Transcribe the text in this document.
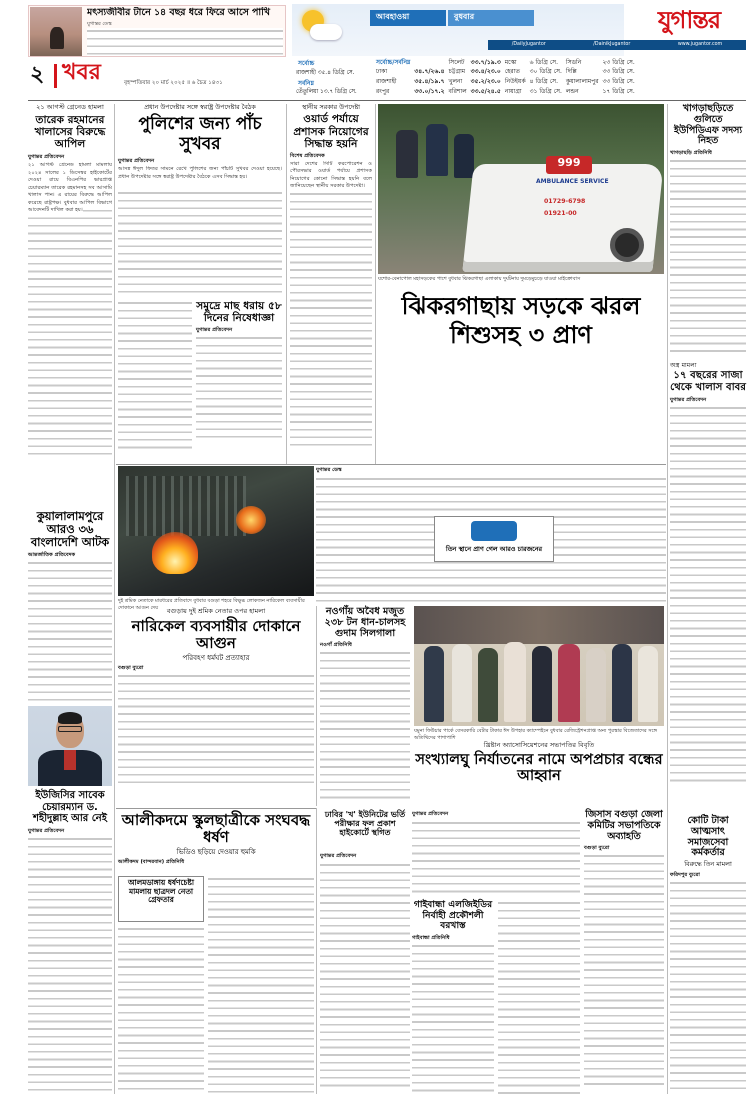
মৎস্যজীবীর টানে ১৪ বছর ধরে ফিরে আসে পাখি
যুগান্তর ডেস্ক
আবহাওয়া	বুধবার	যুগান্তর
/DailyJugantor	/DainikJugantor	www.jugantor.com
২ খবর	বৃহস্পতিবার ২০ মার্চ ২০২৫ ॥ ৬ চৈত্র ১৪৩১
সর্বোচ্চ
রাজশাহী ৩৫.৪ ডিগ্রি সে.
সর্বনিম্ন
তেঁতুলিয়া ১৩.৭ ডিগ্রি সে.
সর্বোচ্চ/সর্বনিম্ন		সিলেট	৩৩.৭/১৯.৩	মস্কো	৬ ডিগ্রি সে.	সিডনি	২৩ ডিগ্রি সে.
ঢাকা	৩৪.৭/২৬.৪	চট্টগ্রাম	৩৩.৪/২৩.০	হেরাত	৩০ ডিগ্রি সে.	দিল্লি	৩৩ ডিগ্রি সে.
রাজশাহী	৩৫.৪/১৯.৭	খুলনা	৩৫.২/২৩.০	নিউইয়র্ক	৪ ডিগ্রি সে.	কুয়ালালামপুর	৩৩ ডিগ্রি সে.
রংপুর	৩৩.০/১৭.২	বরিশাল	৩৩.৫/২৪.৫	নায়াগ্রা	৩১ ডিগ্রি সে.	লন্ডন	১৭ ডিগ্রি সে.
২১ আগস্ট গ্রেনেড হামলা
তারেক রহমানের খালাসের বিরুদ্ধে আপিল
যুগান্তর প্রতিবেদন
২১ আগস্ট গ্রেনেড হামলা মামলায় ২০২৪ সালের ১ ডিসেম্বর হাইকোর্টের দেওয়া রায়ে বিএনপির ভারপ্রাপ্ত চেয়ারম্যান তারেক রহমানসহ সব আসামি খালাস পান। এ রায়ের বিরুদ্ধে আপিল করেছে রাষ্ট্রপক্ষ। বুধবার আপিল বিভাগে আবেদনটি দাখিল করা হয়।
কুয়ালালামপুরে আরও ৩৬ বাংলাদেশি আটক
আন্তর্জাতিক প্রতিবেদক
ইউজিসির সাবেক চেয়ারম্যান ড. শহীদুল্লাহ আর নেই
যুগান্তর প্রতিবেদন
প্রধান উপদেষ্টার সঙ্গে স্বরাষ্ট্র উপদেষ্টার বৈঠক
পুলিশের জন্য পাঁচ সুখবর
যুগান্তর প্রতিবেদন
আসন্ন ঈদুল ফিতর সামনে রেখে পুলিশের জন্য পাঁচটি সুখবর দেওয়া হয়েছে। প্রধান উপদেষ্টার সঙ্গে স্বরাষ্ট্র উপদেষ্টার বৈঠকে এসব সিদ্ধান্ত হয়।
সমুদ্রে মাছ ধরায় ৫৮ দিনের নিষেধাজ্ঞা
যুগান্তর প্রতিবেদন
স্থানীয় সরকার উপদেষ্টা
ওয়ার্ড পর্যায়ে প্রশাসক নিয়োগের সিদ্ধান্ত হয়নি
বিশেষ প্রতিবেদক
সারা দেশের সিটি করপোরেশন ও পৌরসভার ওয়ার্ড পর্যায়ে প্রশাসক নিয়োগের কোনো সিদ্ধান্ত হয়নি বলে জানিয়েছেন স্থানীয় সরকার উপদেষ্টা।
999
AMBULANCE SERVICE
01729-6798
01921-00
যশোর-বেনাপোল মহাসড়কের পাশে বুধবার ঝিকরগাছা এলাকায় দুর্ঘটনায় দুমড়েমুচড়ে যাওয়া মাইক্রোবাস
ঝিকরগাছায় সড়কে ঝরল শিশুসহ ৩ প্রাণ
খাগড়াছড়িতে গুলিতে ইউপিডিএফ সদস্য নিহত
খাগড়াছড়ি প্রতিনিধি
অস্ত্র মামলা
১৭ বছরের সাজা থেকে খালাস বাবর
যুগান্তর প্রতিবেদন
কোটি টাকা আত্মসাৎ সমাজসেবা কর্মকর্তার
বিরুদ্ধে তিন মামলা
ফরিদপুর ব্যুরো
দুই শ্রমিক নেতাকে মারধরের প্রতিবাদে বুধবার বগুড়া শহরে বিক্ষুব্ধ লোকজন নারিকেল ব্যবসায়ীর দোকানে আগুন দেয়	বগুড়ায় দুই শ্রমিক নেতার ওপর হামলা
নারিকেল ব্যবসায়ীর দোকানে আগুন
পরিবহণ ধর্মঘট প্রত্যাহার
বগুড়া ব্যুরো
যুগান্তর ডেস্ক
তিন স্থানে প্রাণ গেল আরও চারজনের
নওগাঁয় অবৈধ মজুত ২৩৮ টন ধান-চালসহ গুদাম সিলগালা
নওগাঁ প্রতিনিধি
যমুনা ফিউচার পার্কে বেসরকারি বেটার টাকার ঈদ উপহার ক্যাম্পেইনে বুধবার রেজিস্ট্রেশনপ্রাপ্ত অন্য পুরস্কার বিজেতাদের সঙ্গে অতিথিদের পাশাপাশি
ঢাবির 'খ' ইউনিটের ভর্তি পরীক্ষার ফল প্রকাশ হাইকোর্টে স্থগিত
খ্রিষ্টান অ্যাসোসিয়েশনের সভাপতির বিবৃতি
সংখ্যালঘু নির্যাতনের নামে অপপ্রচার বন্ধের আহ্বান
আলীকদমে স্কুলছাত্রীকে সংঘবদ্ধ ধর্ষণ
ভিডিও ছড়িয়ে দেওয়ার হুমকি
আলীকদম (বান্দরবান) প্রতিনিধি
আলমডাঙ্গায় ধর্ষণচেষ্টা মামলায় ছাত্রদল নেতা গ্রেফতার
যুগান্তর প্রতিবেদন
গাইবান্ধা এলজিইডির নির্বাহী প্রকৌশলী বরখাস্ত
গাইবান্ধা প্রতিনিধি
যুগান্তর প্রতিবেদন	জিসাস বগুড়া জেলা কমিটির সভাপতিকে অব্যাহতি
বগুড়া ব্যুরো
